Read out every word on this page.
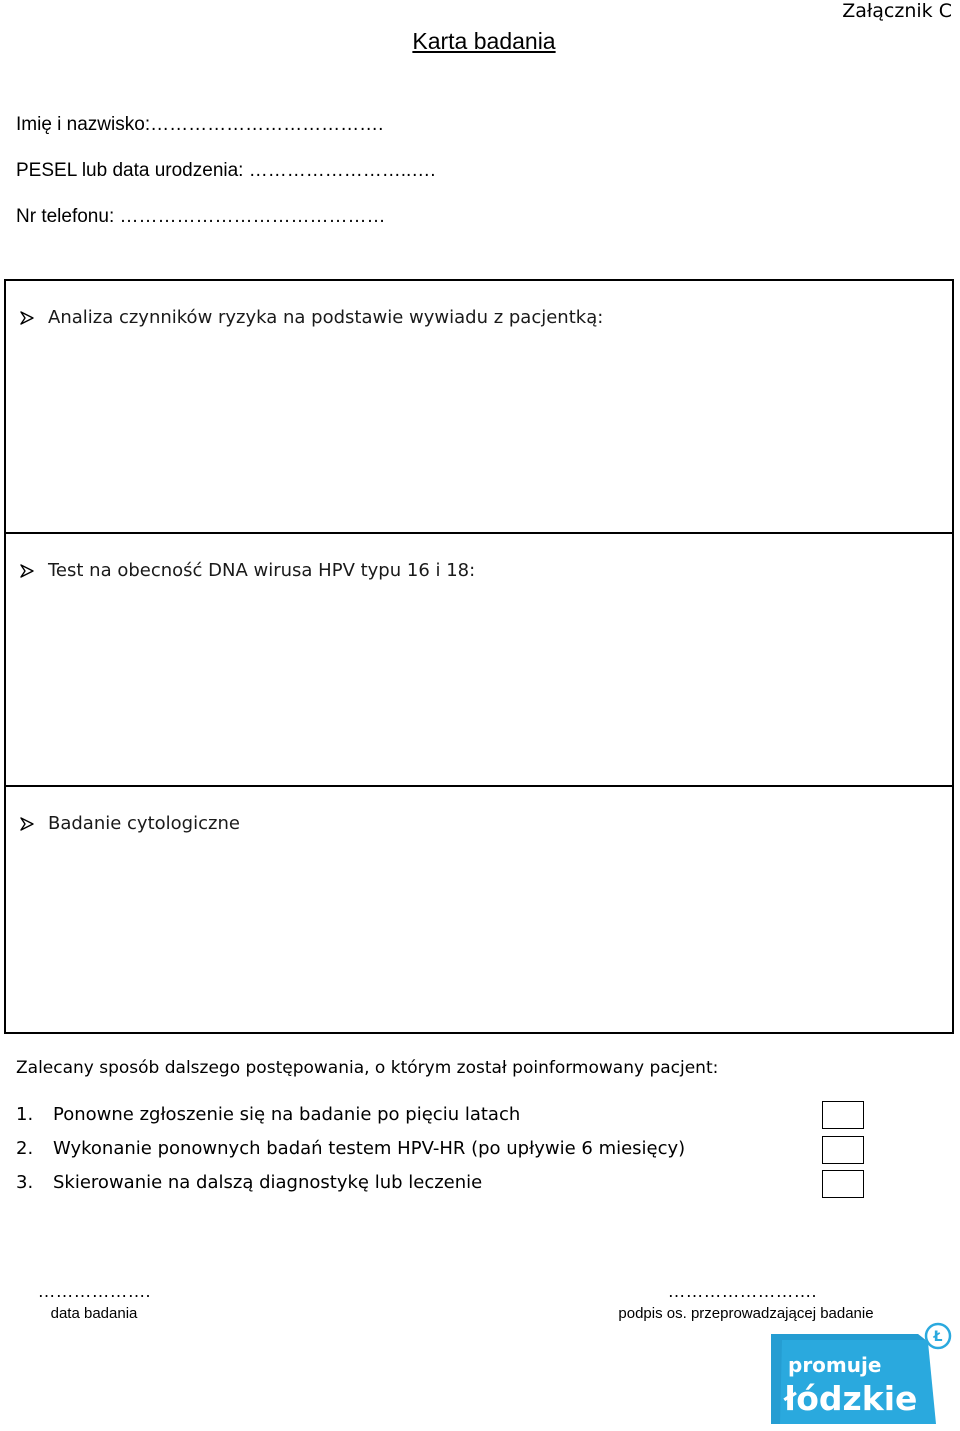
Załącznik C
Karta badania
Imię i nazwisko:……………………………….
PESEL lub data urodzenia: ……………………..….
Nr telefonu: ……………………………………
Analiza czynników ryzyka na podstawie wywiadu z pacjentką:
Test na obecność DNA wirusa HPV typu 16 i 18:
Badanie cytologiczne
Zalecany sposób dalszego postępowania, o którym został poinformowany pacjent:
1.	Ponowne zgłoszenie się na badanie po pięciu latach
2.	Wykonanie ponownych badań testem HPV-HR (po upływie 6 miesięcy)
3.	Skierowanie na dalszą diagnostykę lub leczenie
……………….
data badania
…………………….
podpis os. przeprowadzającej badanie
Ł
promuje
łódzkie
